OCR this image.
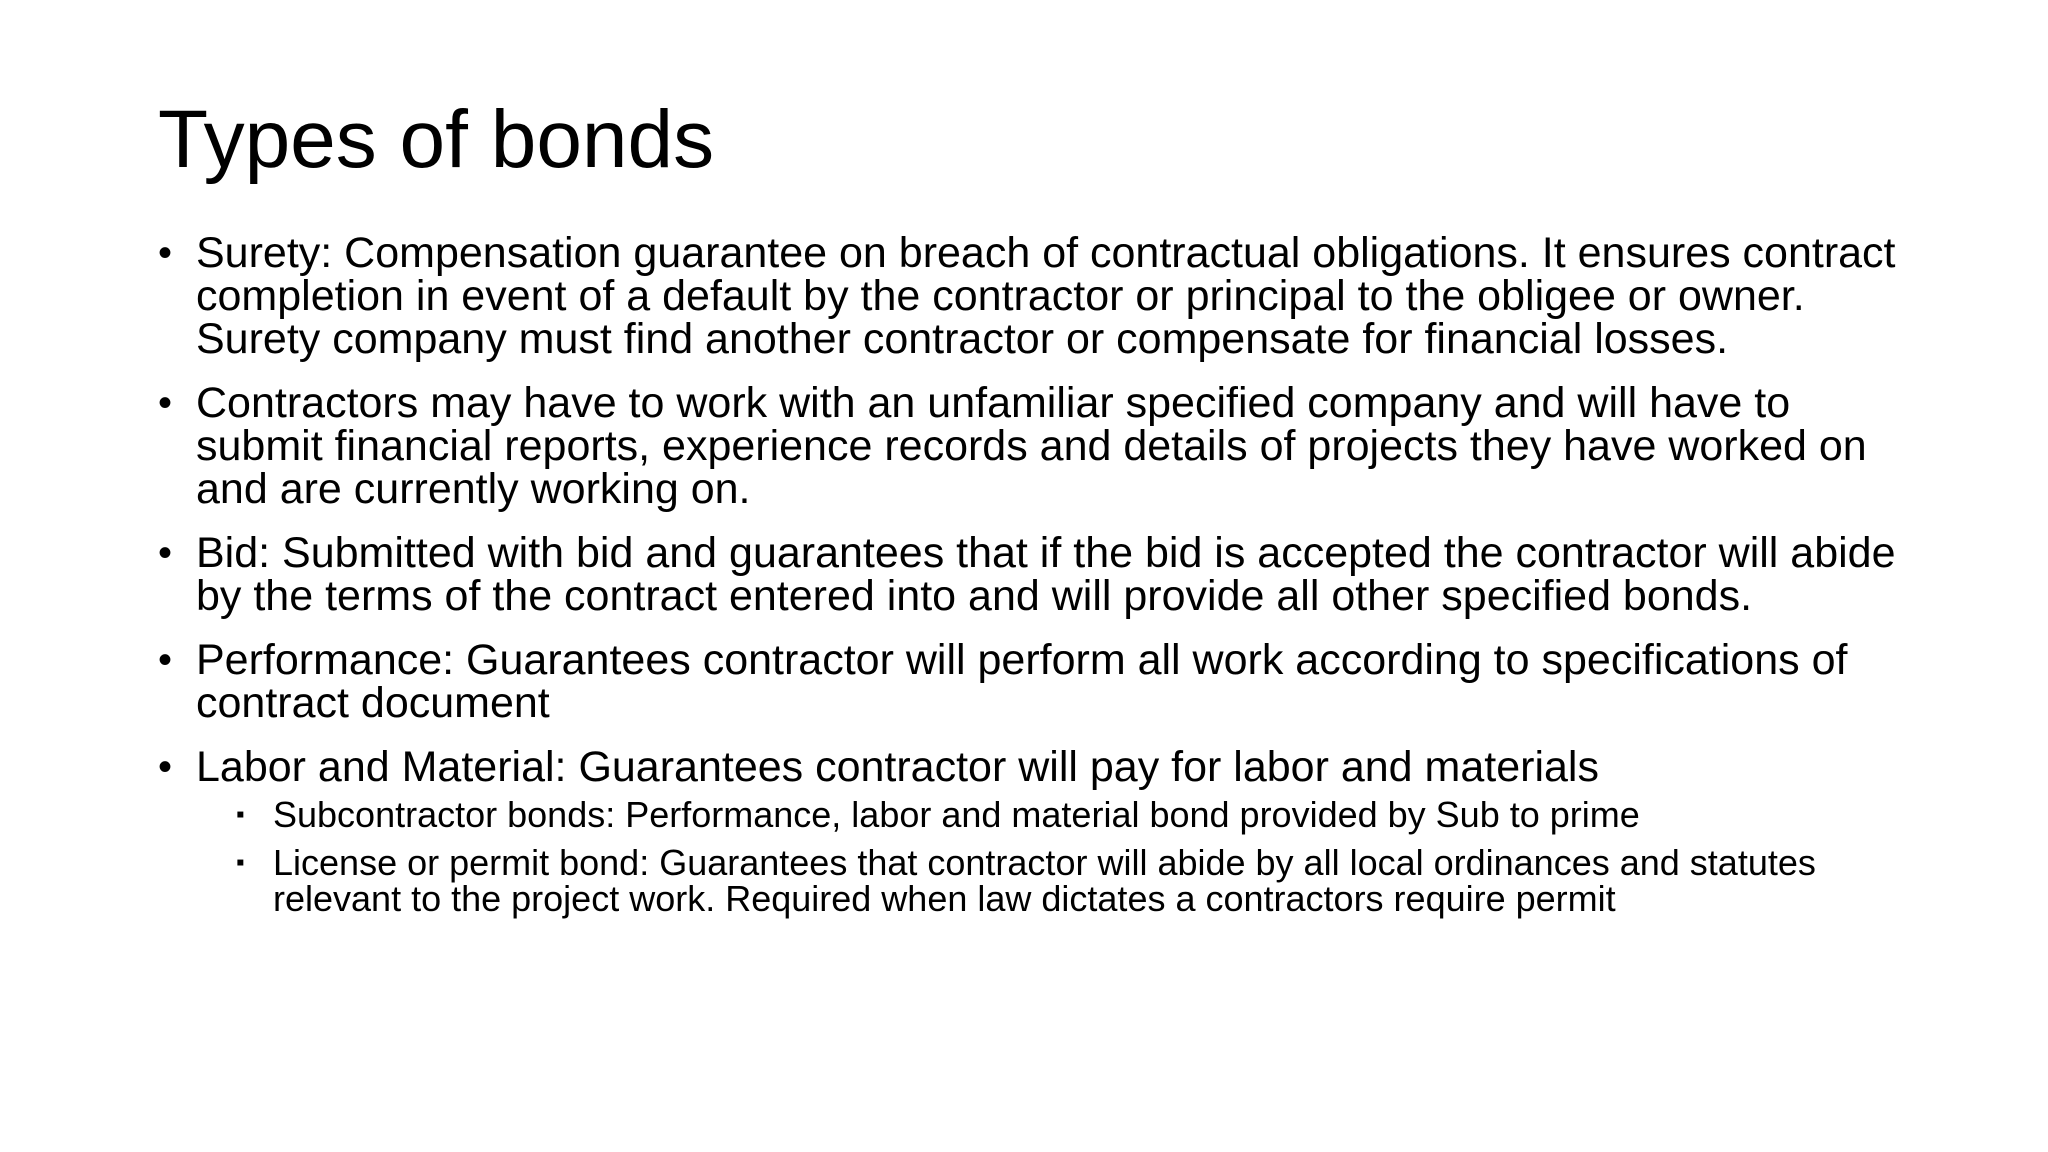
Types of bonds
• Surety: Compensation guarantee on breach of contractual obligations. It ensures contract completion in event of a default by the contractor or principal to the obligee or owner. Surety company must find another contractor or compensate for financial losses.
• Contractors may have to work with an unfamiliar specified company and will have to submit financial reports, experience records and details of projects they have worked on and are currently working on.
• Bid: Submitted with bid and guarantees that if the bid is accepted the contractor will abide by the terms of the contract entered into and will provide all other specified bonds.
• Performance: Guarantees contractor will perform all work according to specifications of contract document
• Labor and Material: Guarantees contractor will pay for labor and materials
▪ Subcontractor bonds: Performance, labor and material bond provided by Sub to prime
▪ License or permit bond: Guarantees that contractor will abide by all local ordinances and statutes relevant to the project work. Required when law dictates a contractors require permit
